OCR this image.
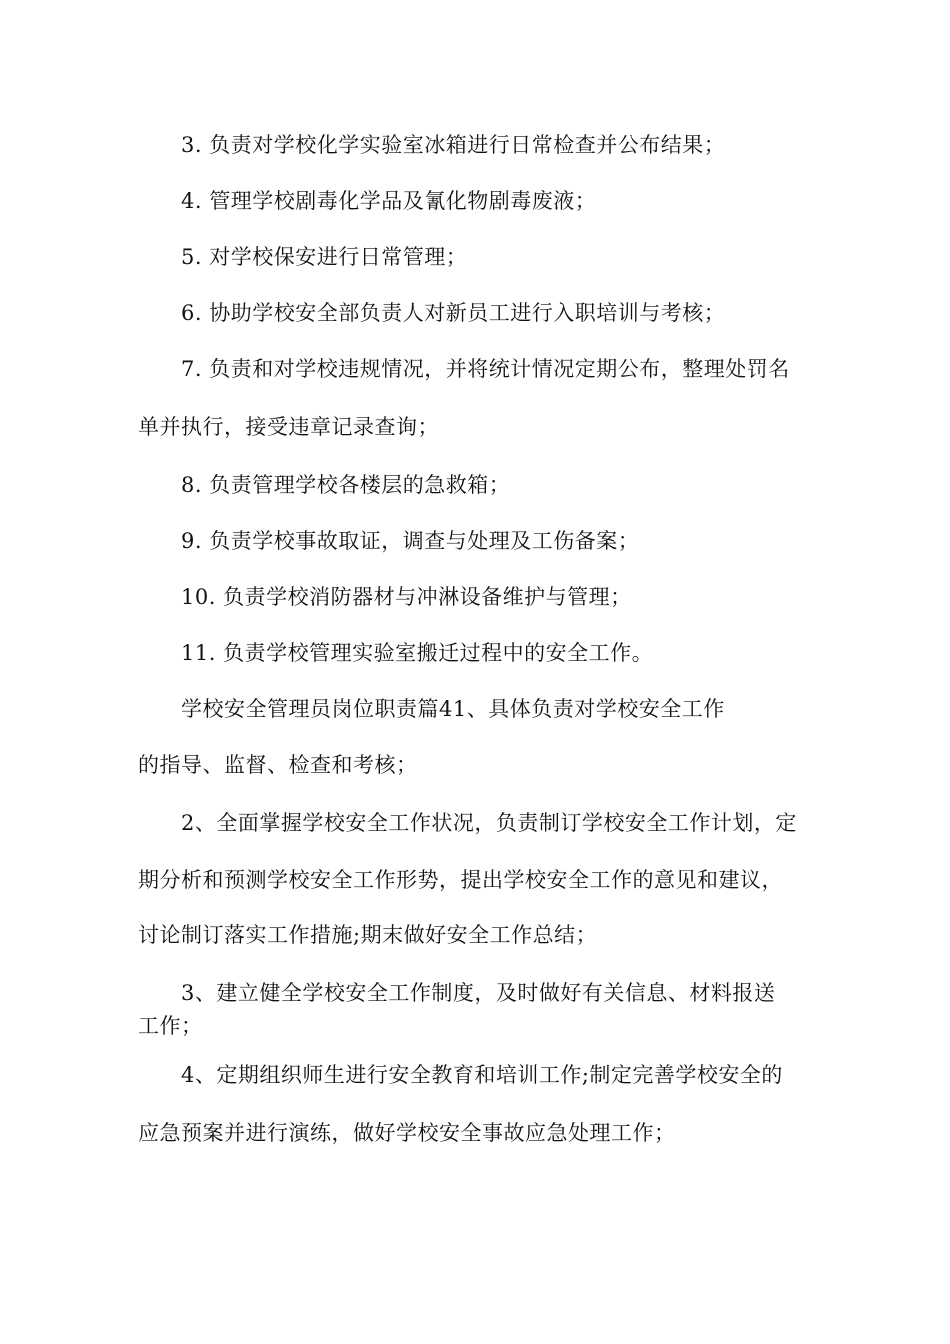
3. 负责对学校化学实验室冰箱进行日常检查并公布结果；
4. 管理学校剧毒化学品及氰化物剧毒废液；
5. 对学校保安进行日常管理；
6. 协助学校安全部负责人对新员工进行入职培训与考核；
7. 负责和对学校违规情况，并将统计情况定期公布，整理处罚名
单并执行，接受违章记录查询；
8. 负责管理学校各楼层的急救箱；
9. 负责学校事故取证，调查与处理及工伤备案；
10. 负责学校消防器材与冲淋设备维护与管理；
11. 负责学校管理实验室搬迁过程中的安全工作。
学校安全管理员岗位职责篇41、具体负责对学校安全工作
的指导、监督、检查和考核；
2、全面掌握学校安全工作状况，负责制订学校安全工作计划，定
期分析和预测学校安全工作形势，提出学校安全工作的意见和建议，
讨论制订落实工作措施;期末做好安全工作总结；
3、建立健全学校安全工作制度，及时做好有关信息、材料报送
工作；
4、定期组织师生进行安全教育和培训工作;制定完善学校安全的
应急预案并进行演练，做好学校安全事故应急处理工作；
